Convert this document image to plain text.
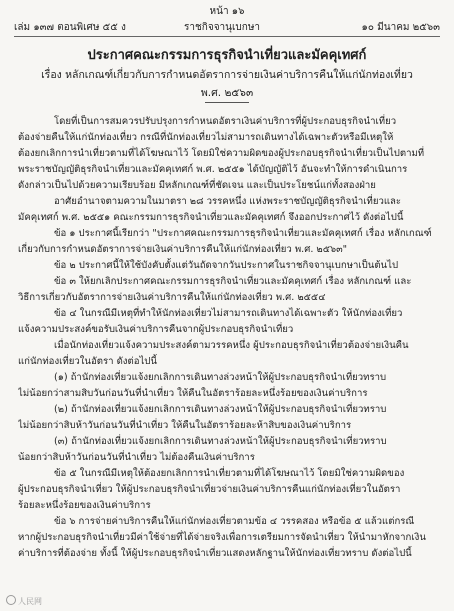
หน้า ๑๖
เล่ม ๑๓๗ ตอนพิเศษ ๕๕ ง	ราชกิจจานุเบกษา	๑๐ มีนาคม ๒๕๖๓
ประกาศคณะกรรมการธุรกิจนำเที่ยวและมัคคุเทศก์
เรื่อง หลักเกณฑ์เกี่ยวกับการกำหนดอัตราการจ่ายเงินค่าบริการคืนให้แก่นักท่องเที่ยว
พ.ศ. ๒๕๖๓

โดยที่เป็นการสมควรปรับปรุงการกำหนดอัตราเงินค่าบริการที่ผู้ประกอบธุรกิจนำเที่ยว

ต้องจ่ายคืนให้แก่นักท่องเที่ยว กรณีที่นักท่องเที่ยวไม่สามารถเดินทางได้เฉพาะตัวหรือมีเหตุให้

ต้องยกเลิกการนำเที่ยวตามที่ได้โฆษณาไว้ โดยมิใช่ความผิดของผู้ประกอบธุรกิจนำเที่ยวเป็นไปตามที่

พระราชบัญญัติธุรกิจนำเที่ยวและมัคคุเทศก์ พ.ศ. ๒๕๕๑ ได้บัญญัติไว้ อันจะทำให้การดำเนินการ

ดังกล่าวเป็นไปด้วยความเรียบร้อย มีหลักเกณฑ์ที่ชัดเจน และเป็นประโยชน์แก่ทั้งสองฝ่าย

อาศัยอำนาจตามความในมาตรา ๒๘ วรรคหนึ่ง แห่งพระราชบัญญัติธุรกิจนำเที่ยวและ

มัคคุเทศก์ พ.ศ. ๒๕๕๑ คณะกรรมการธุรกิจนำเที่ยวและมัคคุเทศก์ จึงออกประกาศไว้ ดังต่อไปนี้

ข้อ ๑ ประกาศนี้เรียกว่า "ประกาศคณะกรรมการธุรกิจนำเที่ยวและมัคคุเทศก์ เรื่อง หลักเกณฑ์

เกี่ยวกับการกำหนดอัตราการจ่ายเงินค่าบริการคืนให้แก่นักท่องเที่ยว พ.ศ. ๒๕๖๓"

ข้อ ๒ ประกาศนี้ให้ใช้บังคับตั้งแต่วันถัดจากวันประกาศในราชกิจจานุเบกษาเป็นต้นไป

ข้อ ๓ ให้ยกเลิกประกาศคณะกรรมการธุรกิจนำเที่ยวและมัคคุเทศก์ เรื่อง หลักเกณฑ์ และ

วิธีการเกี่ยวกับอัตราการจ่ายเงินค่าบริการคืนให้แก่นักท่องเที่ยว พ.ศ. ๒๕๕๔

ข้อ ๔ ในกรณีมีเหตุที่ทำให้นักท่องเที่ยวไม่สามารถเดินทางได้เฉพาะตัว ให้นักท่องเที่ยว

แจ้งความประสงค์ขอรับเงินค่าบริการคืนจากผู้ประกอบธุรกิจนำเที่ยว

เมื่อนักท่องเที่ยวแจ้งความประสงค์ตามวรรคหนึ่ง ผู้ประกอบธุรกิจนำเที่ยวต้องจ่ายเงินคืน

แก่นักท่องเที่ยวในอัตรา ดังต่อไปนี้

(๑) ถ้านักท่องเที่ยวแจ้งยกเลิกการเดินทางล่วงหน้าให้ผู้ประกอบธุรกิจนำเที่ยวทราบ

ไม่น้อยกว่าสามสิบวันก่อนวันที่นำเที่ยว ให้คืนในอัตราร้อยละหนึ่งร้อยของเงินค่าบริการ

(๒) ถ้านักท่องเที่ยวแจ้งยกเลิกการเดินทางล่วงหน้าให้ผู้ประกอบธุรกิจนำเที่ยวทราบ

ไม่น้อยกว่าสิบห้าวันก่อนวันที่นำเที่ยว ให้คืนในอัตราร้อยละห้าสิบของเงินค่าบริการ

(๓) ถ้านักท่องเที่ยวแจ้งยกเลิกการเดินทางล่วงหน้าให้ผู้ประกอบธุรกิจนำเที่ยวทราบ

น้อยกว่าสิบห้าวันก่อนวันที่นำเที่ยว ไม่ต้องคืนเงินค่าบริการ

ข้อ ๕ ในกรณีมีเหตุให้ต้องยกเลิกการนำเที่ยวตามที่ได้โฆษณาไว้ โดยมิใช่ความผิดของ

ผู้ประกอบธุรกิจนำเที่ยว ให้ผู้ประกอบธุรกิจนำเที่ยวจ่ายเงินค่าบริการคืนแก่นักท่องเที่ยวในอัตรา

ร้อยละหนึ่งร้อยของเงินค่าบริการ

ข้อ ๖ การจ่ายค่าบริการคืนให้แก่นักท่องเที่ยวตามข้อ ๔ วรรคสอง หรือข้อ ๕ แล้วแต่กรณี

หากผู้ประกอบธุรกิจนำเที่ยวมีค่าใช้จ่ายที่ได้จ่ายจริงเพื่อการเตรียมการจัดนำเที่ยว ให้นำมาหักจากเงิน

ค่าบริการที่ต้องจ่าย ทั้งนี้ ให้ผู้ประกอบธุรกิจนำเที่ยวแสดงหลักฐานให้นักท่องเที่ยวทราบ ดังต่อไปนี้

人民网
